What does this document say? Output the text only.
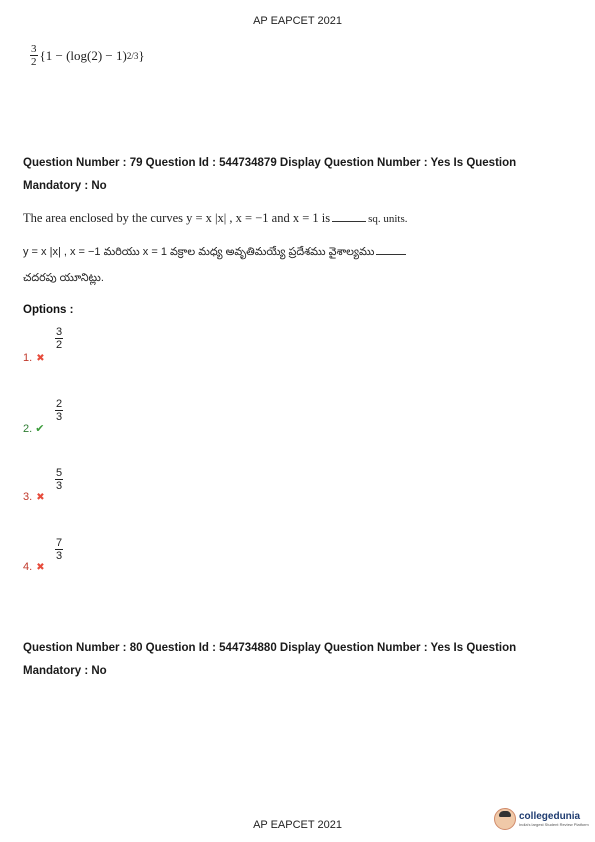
AP EAPCET 2021
$\frac{3}{2} \{1 - (\log(2) - 1)$ 2/3 }
Question Number : 79 Question Id : 544734879 Display Question Number : Yes Is Question
Mandatory : No
The area enclosed by the curves y = x |x| , x = −1 and x = 1 is	sq. units.
y = x |x| , x = −1 మరియు x = 1 వక్రాల మధ్య అవృతిమయ్యే ప్రదేశము వైశాల్యము
చదరపు యూనిట్లు.
Options :
$\frac{3}{2}$
1. ✖
$\frac{2}{3}$
2. ✔
$\frac{5}{3}$
3. ✖
$\frac{7}{3}$
4. ✖
Question Number : 80 Question Id : 544734880 Display Question Number : Yes Is Question
Mandatory : No
AP EAPCET 2021
collegedunia
India's largest Student Review Platform
